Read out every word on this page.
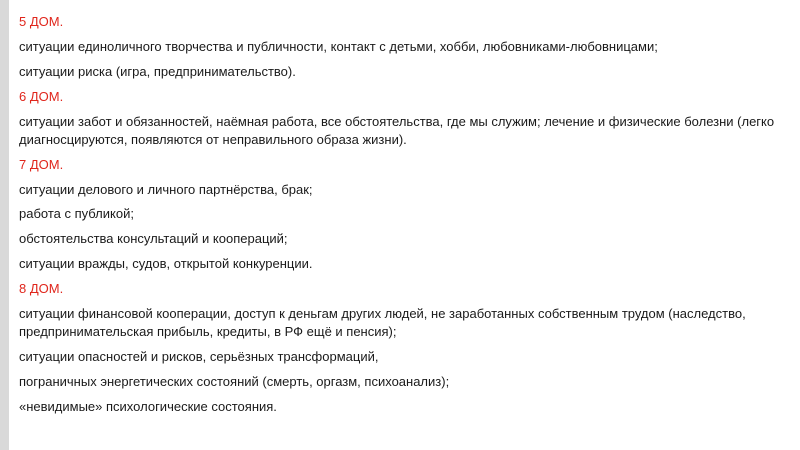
5 ДОМ.
ситуации единоличного творчества и публичности, контакт с детьми, хобби, любовниками-любовницами;
ситуации риска (игра, предпринимательство).
6 ДОМ.
ситуации забот и обязанностей, наёмная работа, все обстоятельства, где мы служим; лечение и физические болезни (легко диагносцируются, появляются от неправильного образа жизни).
7 ДОМ.
ситуации делового и личного партнёрства, брак;
работа с публикой;
обстоятельства консультаций и коопераций;
ситуации вражды, судов, открытой конкуренции.
8 ДОМ.
ситуации финансовой кооперации, доступ к деньгам других людей, не заработанных собственным трудом (наследство, предпринимательская прибыль, кредиты, в РФ ещё и пенсия);
ситуации опасностей и рисков, серьёзных трансформаций,
пограничных энергетических состояний (смерть, оргазм, психоанализ);
«невидимые» психологические состояния.
